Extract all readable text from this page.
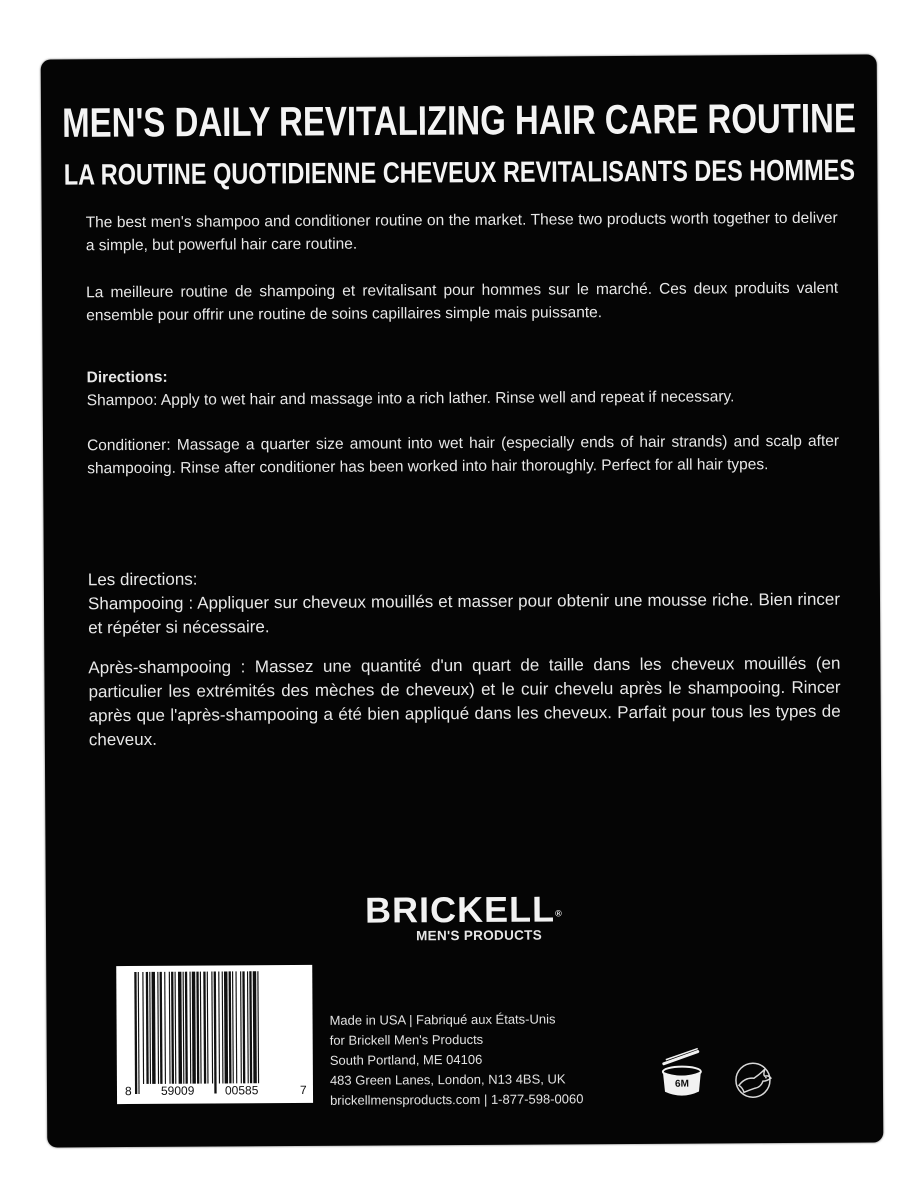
MEN'S DAILY REVITALIZING HAIR CARE ROUTINE
LA ROUTINE QUOTIDIENNE CHEVEUX REVITALISANTS DES HOMMES

The best men's shampoo and conditioner routine on the market. These two products worth together to deliver a simple, but powerful hair care routine.

La meilleure routine de shampoing et revitalisant pour hommes sur le marché. Ces deux produits valent ensemble pour offrir une routine de soins capillaires simple mais puissante.

Directions:

Shampoo: Apply to wet hair and massage into a rich lather. Rinse well and repeat if necessary.

Conditioner: Massage a quarter size amount into wet hair (especially ends of hair strands) and scalp after shampooing. Rinse after conditioner has been worked into hair thoroughly. Perfect for all hair types.

Les directions:

Shampooing : Appliquer sur cheveux mouillés et masser pour obtenir une mousse riche. Bien rincer et répéter si nécessaire.

Après-shampooing : Massez une quantité d'un quart de taille dans les cheveux mouillés (en particulier les extrémités des mèches de cheveux) et le cuir chevelu après le shampooing. Rincer après que l'après-shampooing a été bien appliqué dans les cheveux. Parfait pour tous les types de cheveux.

BRICKELL®
MEN'S PRODUCTS
8 59009	00585	7
Made in USA | Fabriqué aux États-Unis
for Brickell Men's Products
South Portland, ME 04106
483 Green Lanes, London, N13 4BS, UK
brickellmensproducts.com | 1-877-598-0060
6M
